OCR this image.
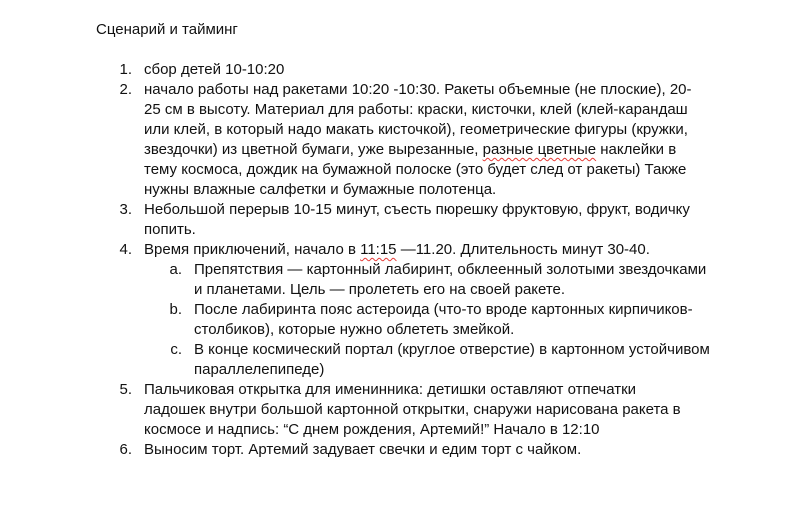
Сценарий и тайминг
1. сбор детей 10-10:20
2. начало работы над ракетами 10:20 -10:30. Ракеты объемные (не плоские), 20-25 см в высоту. Материал для работы: краски, кисточки, клей (клей-карандаш или клей, в который надо макать кисточкой), геометрические фигуры (кружки, звездочки) из цветной бумаги, уже вырезанные, разные цветные наклейки в тему космоса, дождик на бумажной полоске (это будет след от ракеты) Также нужны влажные салфетки и бумажные полотенца.
3. Небольшой перерыв 10-15 минут, съесть пюрешку фруктовую, фрукт, водичку попить.
4. Время приключений, начало в 11:15 —11.20. Длительность минут 30-40.
a. Препятствия — картонный лабиринт, обклеенный золотыми звездочками и планетами. Цель — пролететь его на своей ракете.
b. После лабиринта пояс астероида (что-то вроде картонных кирпичиков-столбиков), которые нужно облететь змейкой.
c. В конце космический портал (круглое отверстие) в картонном устойчивом параллелепипеде)
5. Пальчиковая открытка для именинника: детишки оставляют отпечатки ладошек внутри большой картонной открытки, снаружи нарисована ракета в космосе и надпись: “С днем рождения, Артемий!” Начало в 12:10
6. Выносим торт. Артемий задувает свечки и едим торт с чайком.
